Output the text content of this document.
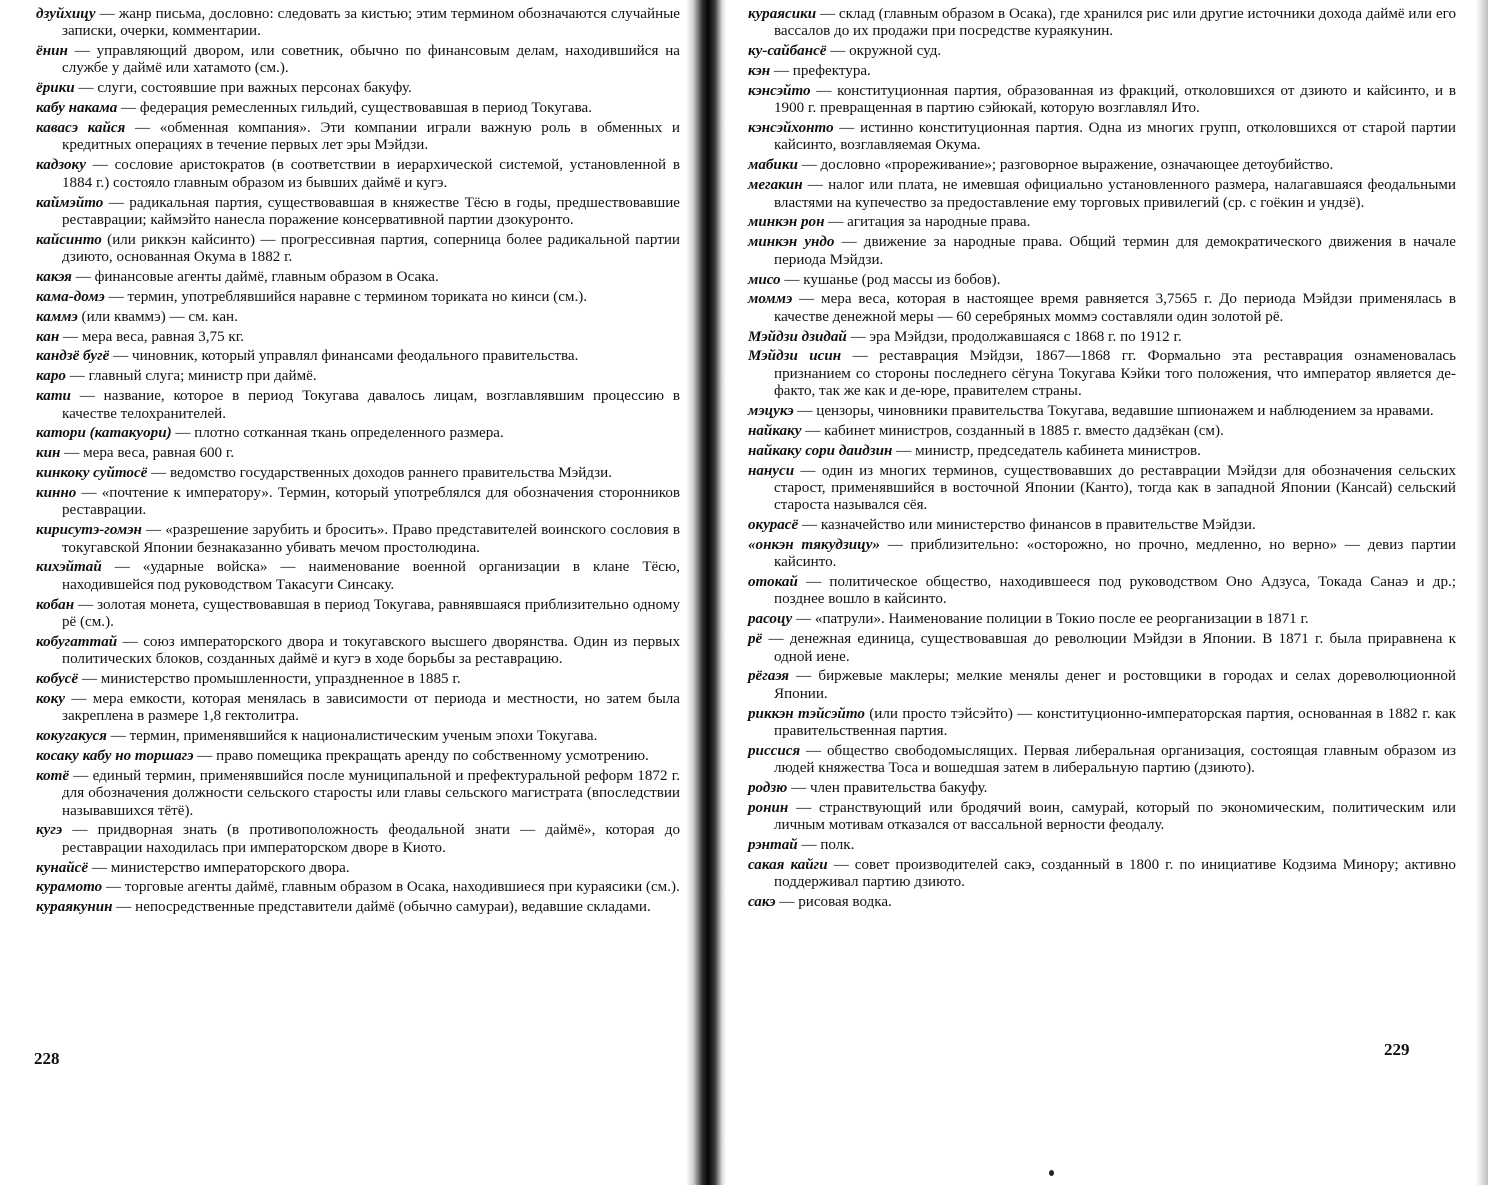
дзуйхицу — жанр письма, дословно: следовать за кистью; этим термином обозначаются случайные записки, очерки, комментарии.

ёнин — управляющий двором, или советник, обычно по финансовым делам, находившийся на службе у даймё или хатамото (см.).

ёрики — слуги, состоявшие при важных персонах бакуфу.

кабу накама — федерация ремесленных гильдий, существовавшая в период Токугава.

кавасэ кайся — «обменная компания». Эти компании играли важную роль в обменных и кредитных операциях в течение первых лет эры Мэйдзи.

кадзоку — сословие аристократов (в соответствии в иерархической системой, установленной в 1884 г.) состояло главным образом из бывших даймё и кугэ.

каймэйто — радикальная партия, существовавшая в княжестве Тёсю в годы, предшествовавшие реставрации; каймэйто нанесла поражение консервативной партии дзокуронто.

кайсинто (или риккэн кайсинто) — прогрессивная партия, соперница более радикальной партии дзиюто, основанная Окума в 1882 г.

какэя — финансовые агенты даймё, главным образом в Осака.

кама-домэ — термин, употреблявшийся наравне с термином ториката но кинси (см.).

каммэ (или кваммэ) — см. кан.

кан — мера веса, равная 3,75 кг.

кандзё бугё — чиновник, который управлял финансами феодального правительства.

каро — главный слуга; министр при даймё.

кати — название, которое в период Токугава давалось лицам, возглавлявшим процессию в качестве телохранителей.

катори (катакуори) — плотно сотканная ткань определенного размера.

кин — мера веса, равная 600 г.

кинкоку суйтосё — ведомство государственных доходов раннего правительства Мэйдзи.

кинно — «почтение к императору». Термин, который употреблялся для обозначения сторонников реставрации.

кирисутэ-гомэн — «разрешение зарубить и бросить». Право представителей воинского сословия в токугавской Японии безнаказанно убивать мечом простолюдина.

кихэйтай — «ударные войска» — наименование военной организации в клане Тёсю, находившейся под руководством Такасуги Синсаку.

кобан — золотая монета, существовавшая в период Токугава, равнявшаяся приблизительно одному рё (см.).

кобугаттай — союз императорского двора и токугавского высшего дворянства. Один из первых политических блоков, созданных даймё и кугэ в ходе борьбы за реставрацию.

кобусё — министерство промышленности, упраздненное в 1885 г.

коку — мера емкости, которая менялась в зависимости от периода и местности, но затем была закреплена в размере 1,8 гектолитра.

кокугакуся — термин, применявшийся к националистическим ученым эпохи Токугава.

косаку кабу но торшагэ — право помещика прекращать аренду по собственному усмотрению.

котё — единый термин, применявшийся после муниципальной и префектуральной реформ 1872 г. для обозначения должности сельского старосты или главы сельского магистрата (впоследствии называвшихся тётё).

кугэ — придворная знать (в противоположность феодальной знати — даймё», которая до реставрации находилась при императорском дворе в Киото.

кунайсё — министерство императорского двора.

курамото — торговые агенты даймё, главным образом в Осака, находившиеся при кураясики (см.).

кураякунин — непосредственные представители даймё (обычно самураи), ведавшие складами.

кураясики — склад (главным образом в Осака), где хранился рис или другие источники дохода даймё или его вассалов до их продажи при посредстве кураякунин.

ку-сайбансё — окружной суд.

кэн — префектура.

кэнсэйто — конституционная партия, образованная из фракций, отколовшихся от дзиюто и кайсинто, и в 1900 г. превращенная в партию сэйюкай, которую возглавлял Ито.

кэнсэйхонто — истинно конституционная партия. Одна из многих групп, отколовшихся от старой партии кайсинто, возглавляемая Окума.

мабики — дословно «прореживание»; разговорное выражение, означающее детоубийство.

мегакин — налог или плата, не имевшая официально установленного размера, налагавшаяся феодальными властями на купечество за предоставление ему торговых привилегий (ср. с гоёкин и ундзё).

минкэн рон — агитация за народные права.

минкэн ундо — движение за народные права. Общий термин для демократического движения в начале периода Мэйдзи.

мисо — кушанье (род массы из бобов).

моммэ — мера веса, которая в настоящее время равняется 3,7565 г. До периода Мэйдзи применялась в качестве денежной меры — 60 серебряных моммэ составляли один золотой рё.

Мэйдзи дзидай — эра Мэйдзи, продолжавшаяся с 1868 г. по 1912 г.

Мэйдзи исин — реставрация Мэйдзи, 1867—1868 гг. Формально эта реставрация ознаменовалась признанием со стороны последнего сёгуна Токугава Кэйки того положения, что император является де-факто, так же как и де-юре, правителем страны.

мэцукэ — цензоры, чиновники правительства Токугава, ведавшие шпионажем и наблюдением за нравами.

найкаку — кабинет министров, созданный в 1885 г. вместо дадзёкан (см).

найкаку сори даидзин — министр, председатель кабинета министров.

нануси — один из многих терминов, существовавших до реставрации Мэйдзи для обозначения сельских старост, применявшийся в восточной Японии (Канто), тогда как в западной Японии (Кансай) сельский староста назывался сёя.

окурасё — казначейство или министерство финансов в правительстве Мэйдзи.

«онкэн тякудзицу» — приблизительно: «осторожно, но прочно, медленно, но верно» — девиз партии кайсинто.

отокай — политическое общество, находившееся под руководством Оно Адзуса, Токада Санаэ и др.; позднее вошло в кайсинто.

расоцу — «патрули». Наименование полиции в Токио после ее реорганизации в 1871 г.

рё — денежная единица, существовавшая до революции Мэйдзи в Японии. В 1871 г. была приравнена к одной иене.

рёгаэя — биржевые маклеры; мелкие менялы денег и ростовщики в городах и селах дореволюционной Японии.

риккэн тэйсэйто (или просто тэйсэйто) — конституционно-императорская партия, основанная в 1882 г. как правительственная партия.

риссися — общество свободомыслящих. Первая либеральная организация, состоящая главным образом из людей княжества Тоса и вошедшая затем в либеральную партию (дзиюто).

родзю — член правительства бакуфу.

ронин — странствующий или бродячий воин, самурай, который по экономическим, политическим или личным мотивам отказался от вассальной верности феодалу.

рэнтай — полк.

сакая кайги — совет производителей сакэ, созданный в 1800 г. по инициативе Кодзима Минору; активно поддерживал партию дзиюто.

сакэ — рисовая водка.

228	229
